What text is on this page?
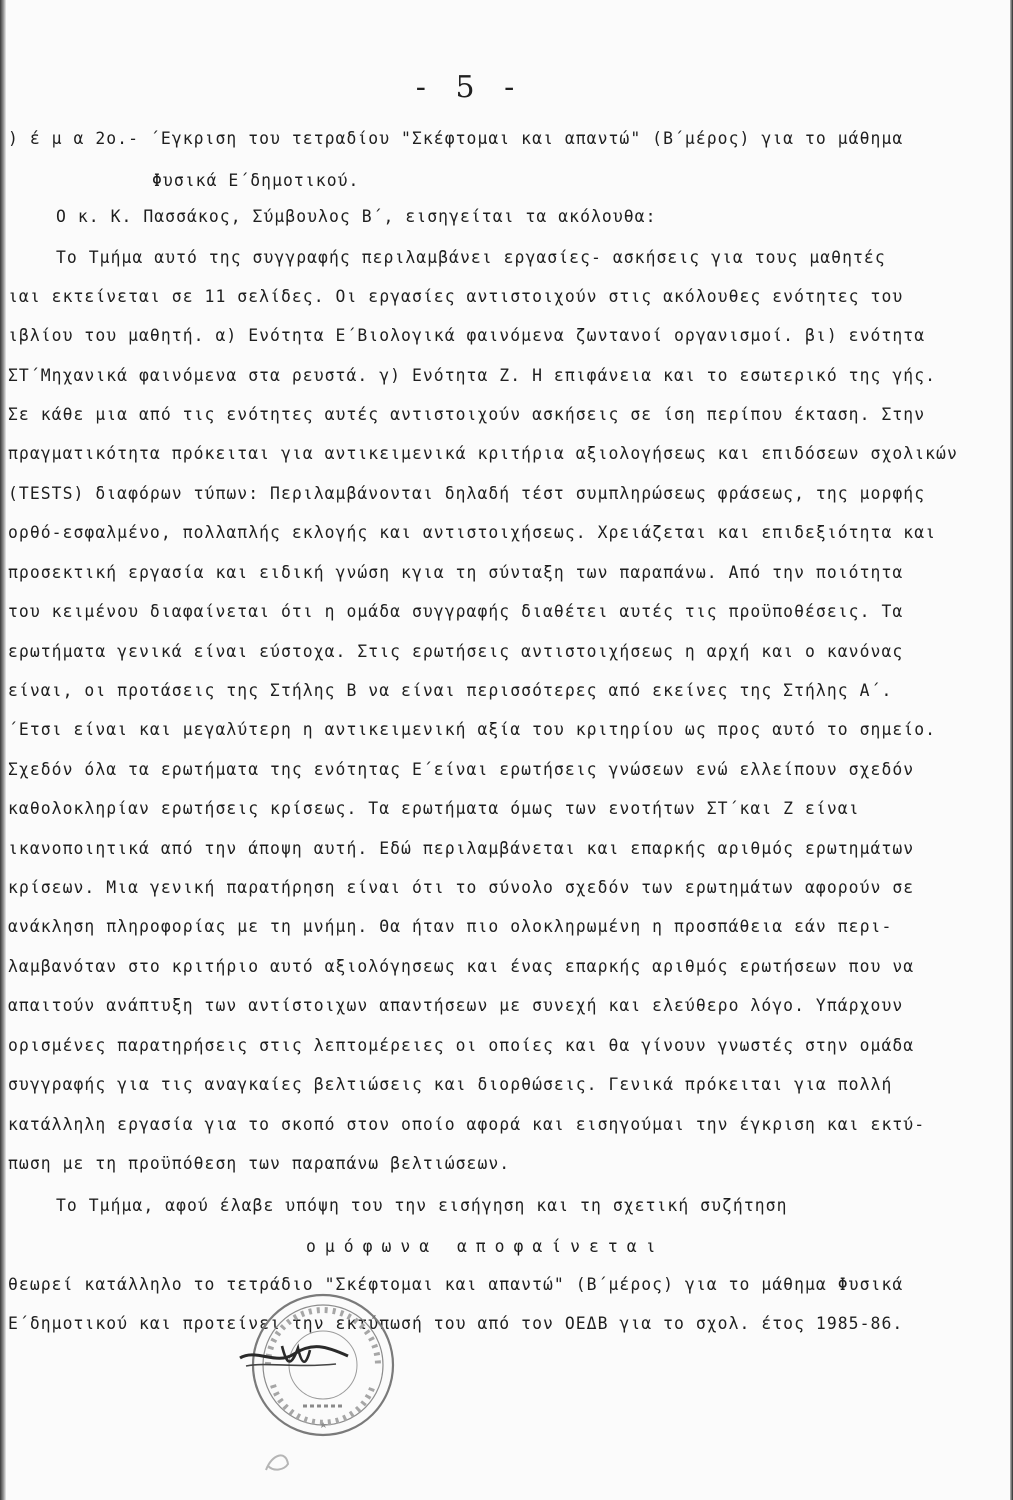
- 5 -
) έ μ α 2ο.- ΄Εγκριση του τετραδίου "Σκέφτομαι και απαντώ" (Β΄μέρος) για το μάθημα
Φυσικά Ε΄δημοτικού.
Ο κ. Κ. Πασσάκος, Σύμβουλος Β΄, εισηγείται τα ακόλουθα:
Το Τμήμα αυτό της συγγραφής περιλαμβάνει εργασίες- ασκήσεις για τους μαθητές
ιαι εκτείνεται σε 11 σελίδες. Οι εργασίες αντιστοιχούν στις ακόλουθες ενότητες του
ιβλίου του μαθητή. α) Ενότητα Ε΄Βιολογικά φαινόμενα ζωντανοί οργανισμοί. βι) ενότητα
ΣΤ΄Μηχανικά φαινόμενα στα ρευστά. γ) Ενότητα Ζ. Η επιφάνεια και το εσωτερικό της γής.
Σε κάθε μια από τις ενότητες αυτές αντιστοιχούν ασκήσεις σε ίση περίπου έκταση. Στην
πραγματικότητα πρόκειται για αντικειμενικά κριτήρια αξιολογήσεως και επιδόσεων σχολικών
(TESTS) διαφόρων τύπων: Περιλαμβάνονται δηλαδή τέστ συμπληρώσεως φράσεως, της μορφής
ορθό-εσφαλμένο, πολλαπλής εκλογής και αντιστοιχήσεως. Χρειάζεται και επιδεξιότητα και
προσεκτική εργασία και ειδική γνώση κγια τη σύνταξη των παραπάνω. Από την ποιότητα
του κειμένου διαφαίνεται ότι η ομάδα συγγραφής διαθέτει αυτές τις προϋποθέσεις. Τα
ερωτήματα γενικά είναι εύστοχα. Στις ερωτήσεις αντιστοιχήσεως η αρχή και ο κανόνας
είναι, οι προτάσεις της Στήλης Β να είναι περισσότερες από εκείνες της Στήλης Α΄.
΄Ετσι είναι και μεγαλύτερη η αντικειμενική αξία του κριτηρίου ως προς αυτό το σημείο.
Σχεδόν όλα τα ερωτήματα της ενότητας Ε΄είναι ερωτήσεις γνώσεων ενώ ελλείπουν σχεδόν
καθολοκληρίαν ερωτήσεις κρίσεως. Τα ερωτήματα όμως των ενοτήτων ΣΤ΄και Ζ είναι
ικανοποιητικά από την άποψη αυτή. Εδώ περιλαμβάνεται και επαρκής αριθμός ερωτημάτων
κρίσεων. Μια γενική παρατήρηση είναι ότι το σύνολο σχεδόν των ερωτημάτων αφορούν σε
ανάκληση πληροφορίας με τη μνήμη. Θα ήταν πιο ολοκληρωμένη η προσπάθεια εάν περι-
λαμβανόταν στο κριτήριο αυτό αξιολόγησεως και ένας επαρκής αριθμός ερωτήσεων που να
απαιτούν ανάπτυξη των αντίστοιχων απαντήσεων με συνεχή και ελεύθερο λόγο. Υπάρχουν
ορισμένες παρατηρήσεις στις λεπτομέρειες οι οποίες και θα γίνουν γνωστές στην ομάδα
συγγραφής για τις αναγκαίες βελτιώσεις και διορθώσεις. Γενικά πρόκειται για πολλή
κατάλληλη εργασία για το σκοπό στον οποίο αφορά και εισηγούμαι την έγκριση και εκτύ-
πωση με τη προϋπόθεση των παραπάνω βελτιώσεων.
Το Τμήμα, αφού έλαβε υπόψη του την εισήγηση και τη σχετική συζήτηση
ομόφωνα αποφαίνεται
θεωρεί κατάλληλο το τετράδιο "Σκέφτομαι και απαντώ" (Β΄μέρος) για το μάθημα Φυσικά
Ε΄δημοτικού και προτείνει την εκτύπωσή του από τον ΟΕΔΒ για το σχολ. έτος 1985-86.
